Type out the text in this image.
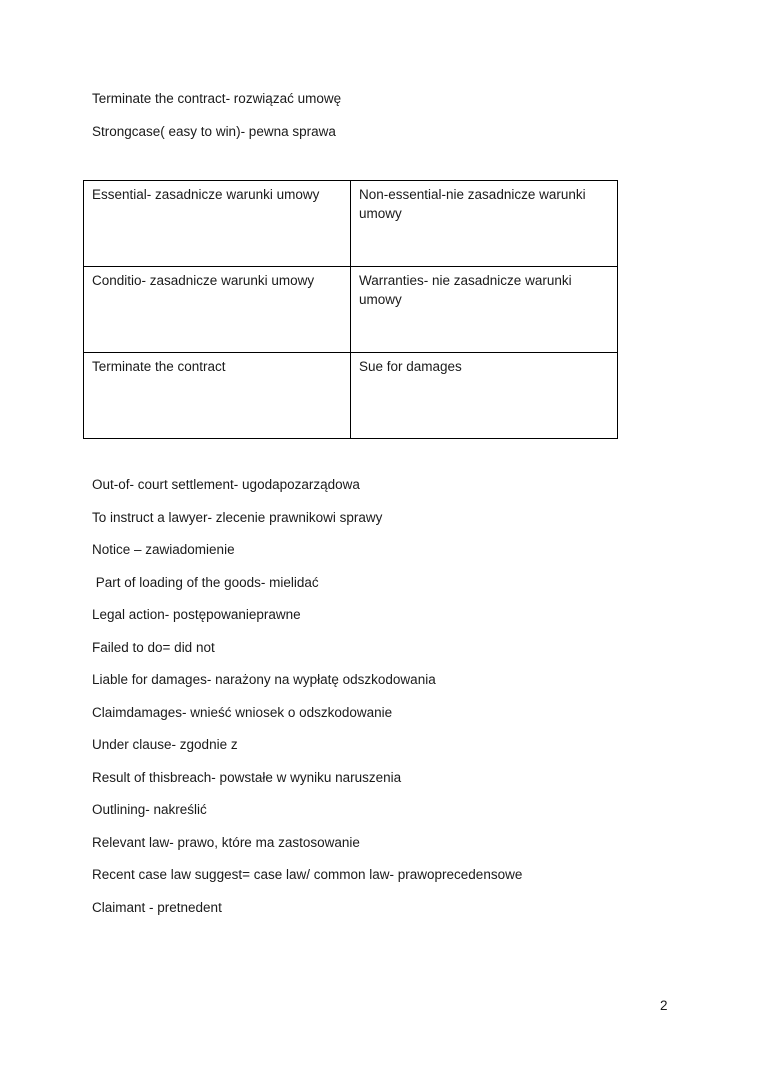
Terminate the contract- rozwiązać umowę

Strongcase( easy to win)- pewna sprawa

Essential- zasadnicze warunki umowy	Non-essential-nie zasadnicze warunki umowy
Conditio- zasadnicze warunki umowy	Warranties- nie zasadnicze warunki umowy
Terminate the contract	Sue for damages

Out-of- court settlement- ugodapozarządowa

To instruct a lawyer- zlecenie prawnikowi sprawy

Notice – zawiadomienie

Part of loading of the goods- mielidać

Legal action- postępowanieprawne

Failed to do= did not

Liable for damages- narażony na wypłatę odszkodowania

Claimdamages- wnieść wniosek o odszkodowanie

Under clause- zgodnie z

Result of thisbreach- powstałe w wyniku naruszenia

Outlining- nakreślić

Relevant law- prawo, które ma zastosowanie

Recent case law suggest= case law/ common law- prawoprecedensowe

Claimant - pretnedent

2
